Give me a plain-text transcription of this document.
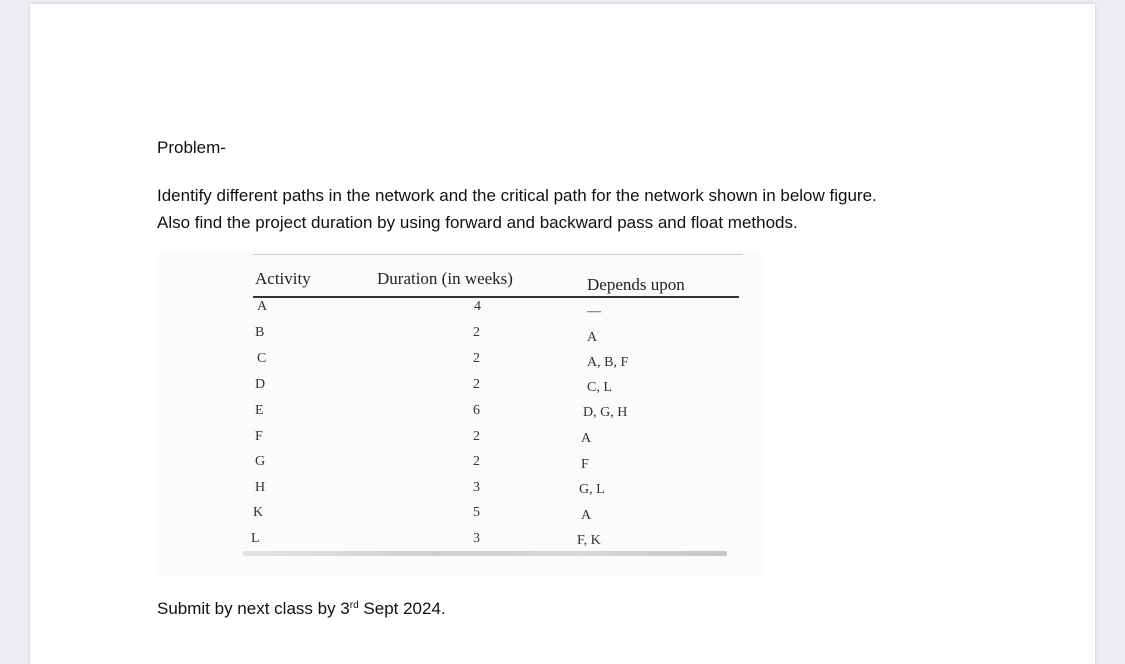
Problem-
Identify different paths in the network and the critical path for the network shown in below figure.
Also find the project duration by using forward and backward pass and float methods.
Activity	Duration (in weeks)	Depends upon
A	4	—
B	2	A
C	2	A, B, F
D	2	C, L
E	6	D, G, H
F	2	A
G	2	F
H	3	G, L
K	5	A
L	3	F, K
Submit by next class by 3rd Sept 2024.
